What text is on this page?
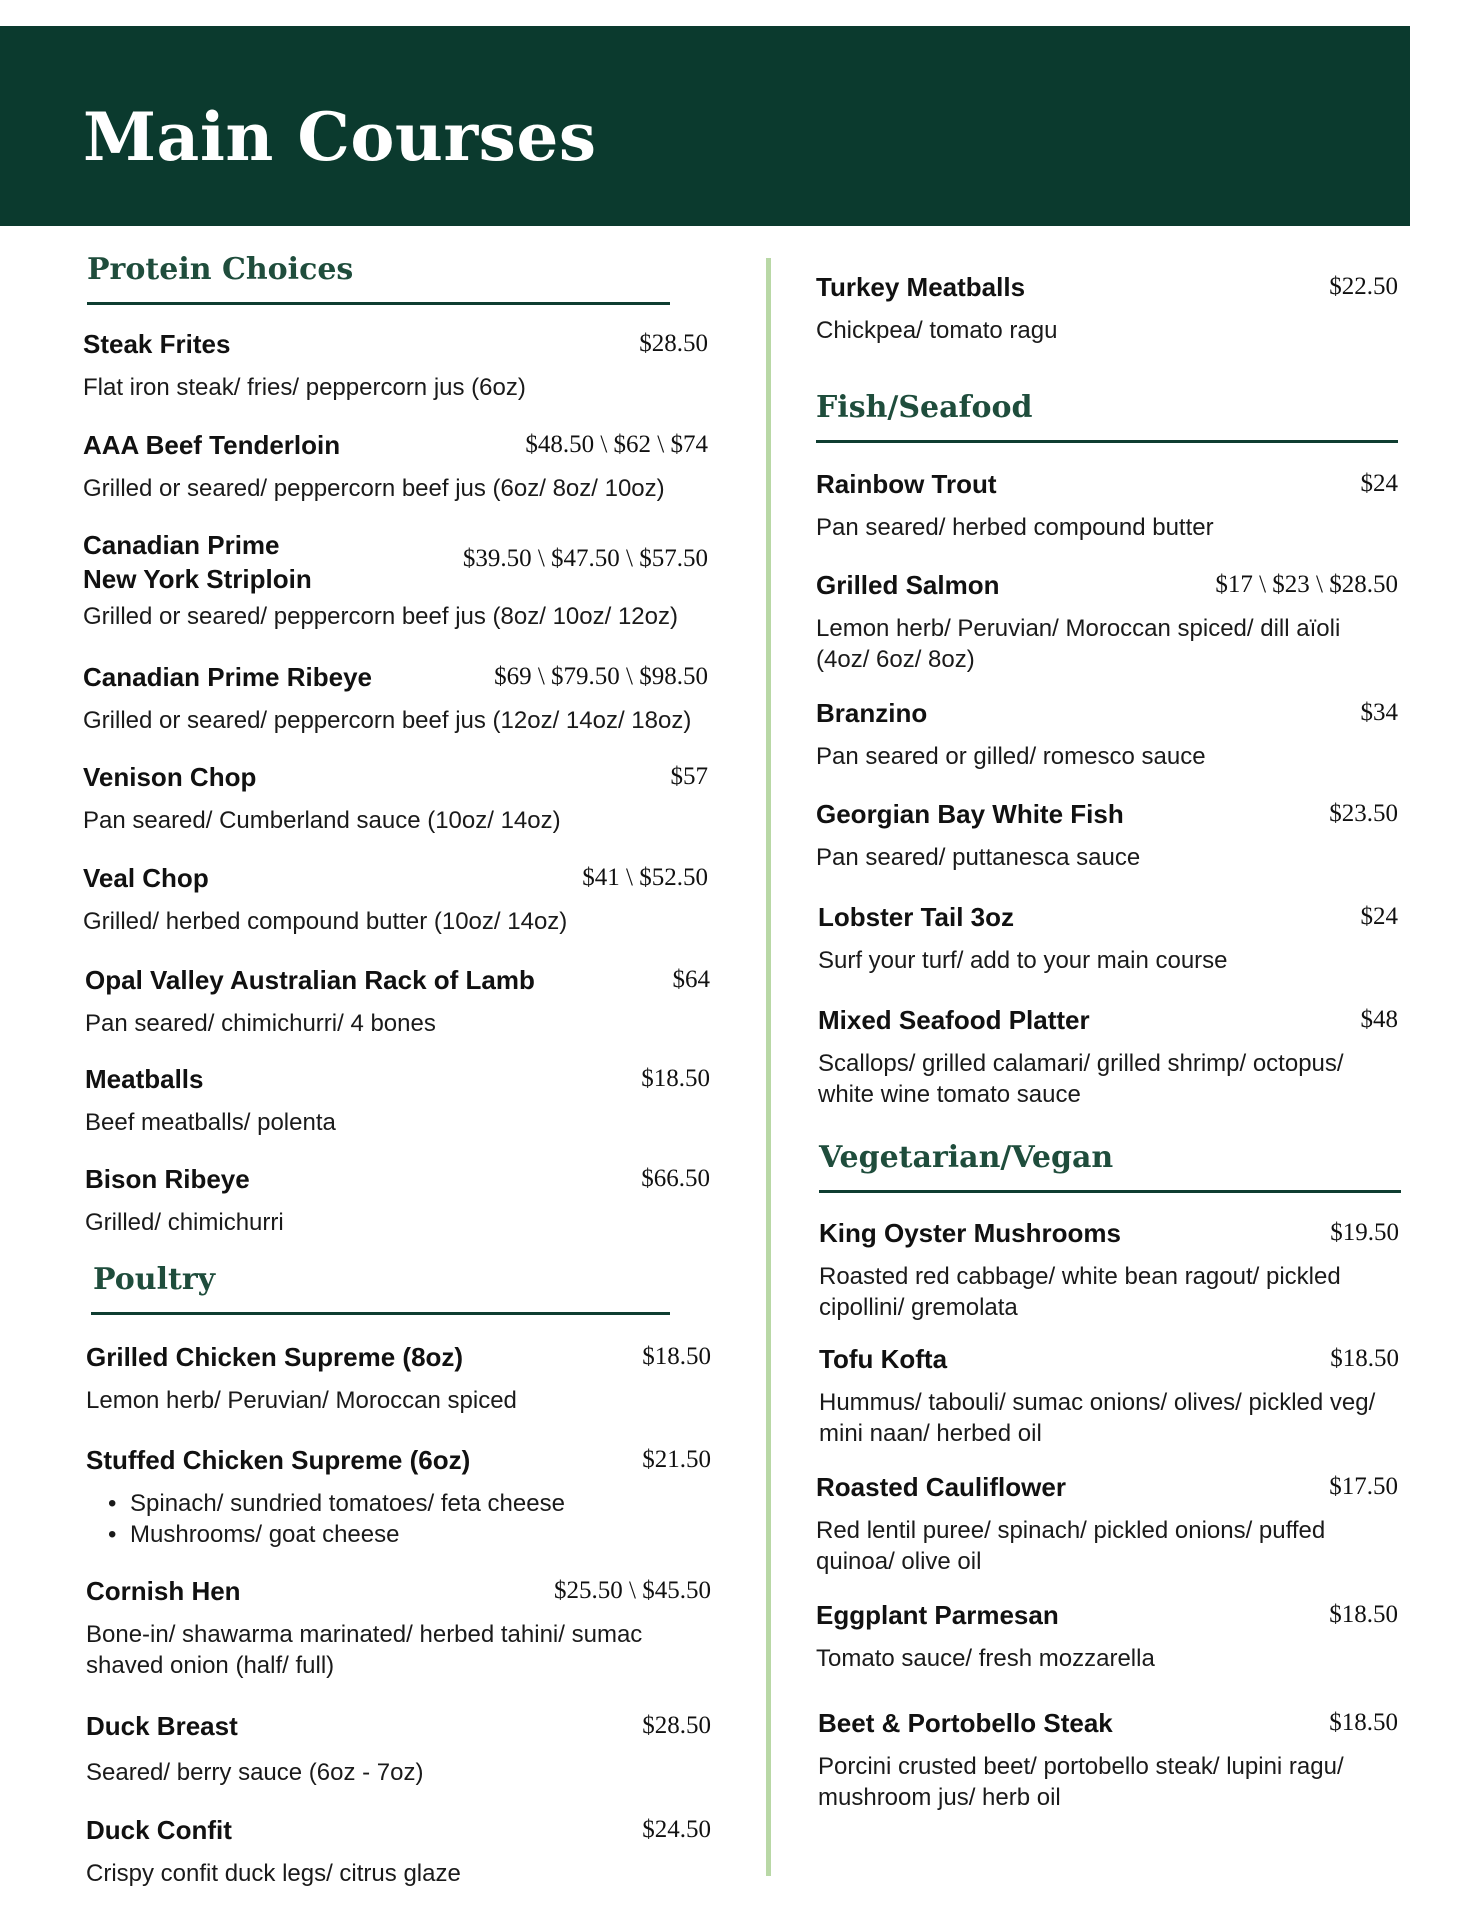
Main Courses
Protein Choices
Steak Frites	$28.50
Flat iron steak/ fries/ peppercorn jus (6oz)
AAA Beef Tenderloin	$48.50 \ $62 \ $74
Grilled or seared/ peppercorn beef jus (6oz/ 8oz/ 10oz)
Canadian Prime
New York Striploin
$39.50 \ $47.50 \ $57.50
Grilled or seared/ peppercorn beef jus (8oz/ 10oz/ 12oz)
Canadian Prime Ribeye	$69 \ $79.50 \ $98.50
Grilled or seared/ peppercorn beef jus (12oz/ 14oz/ 18oz)
Venison Chop	$57
Pan seared/ Cumberland sauce (10oz/ 14oz)
Veal Chop	$41 \ $52.50
Grilled/ herbed compound butter (10oz/ 14oz)
Opal Valley Australian Rack of Lamb	$64
Pan seared/ chimichurri/ 4 bones
Meatballs	$18.50
Beef meatballs/ polenta
Bison Ribeye	$66.50
Grilled/ chimichurri
Poultry
Grilled Chicken Supreme (8oz)	$18.50
Lemon herb/ Peruvian/ Moroccan spiced
Stuffed Chicken Supreme (6oz)	$21.50
• Spinach/ sundried tomatoes/ feta cheese
• Mushrooms/ goat cheese
Cornish Hen	$25.50 \ $45.50
Bone-in/ shawarma marinated/ herbed tahini/ sumac
shaved onion (half/ full)
Duck Breast	$28.50
Seared/ berry sauce (6oz - 7oz)
Duck Confit	$24.50
Crispy confit duck legs/ citrus glaze
Turkey Meatballs	$22.50
Chickpea/ tomato ragu
Fish/Seafood
Rainbow Trout	$24
Pan seared/ herbed compound butter
Grilled Salmon	$17 \ $23 \ $28.50
Lemon herb/ Peruvian/ Moroccan spiced/ dill aïoli
(4oz/ 6oz/ 8oz)
Branzino	$34
Pan seared or gilled/ romesco sauce
Georgian Bay White Fish	$23.50
Pan seared/ puttanesca sauce
Lobster Tail 3oz	$24
Surf your turf/ add to your main course
Mixed Seafood Platter	$48
Scallops/ grilled calamari/ grilled shrimp/ octopus/
white wine tomato sauce
Vegetarian/Vegan
King Oyster Mushrooms	$19.50
Roasted red cabbage/ white bean ragout/ pickled
cipollini/ gremolata
Tofu Kofta	$18.50
Hummus/ tabouli/ sumac onions/ olives/ pickled veg/
mini naan/ herbed oil
Roasted Cauliflower	$17.50
Red lentil puree/ spinach/ pickled onions/ puffed
quinoa/ olive oil
Eggplant Parmesan	$18.50
Tomato sauce/ fresh mozzarella
Beet & Portobello Steak	$18.50
Porcini crusted beet/ portobello steak/ lupini ragu/
mushroom jus/ herb oil
